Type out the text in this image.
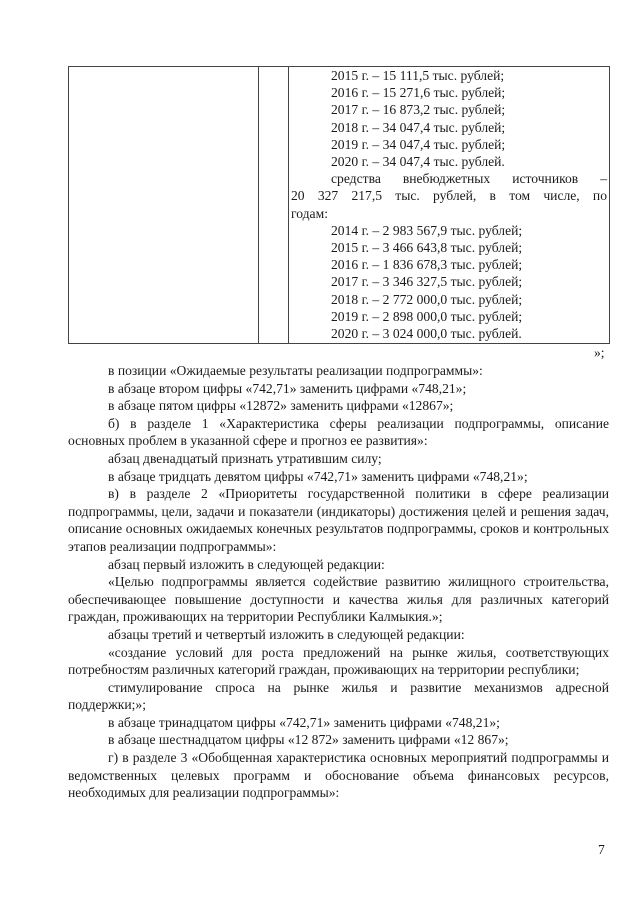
2015 г. – 15 111,5 тыс. рублей;
2016 г. – 15 271,6 тыс. рублей;
2017 г. – 16 873,2 тыс. рублей;
2018 г. – 34 047,4 тыс. рублей;
2019 г. – 34 047,4 тыс. рублей;
2020 г. – 34 047,4 тыс. рублей.
средства внебюджетных источников –
20 327 217,5 тыс. рублей, в том числе, по
годам:
2014 г. – 2 983 567,9 тыс. рублей;
2015 г. – 3 466 643,8 тыс. рублей;
2016 г. – 1 836 678,3 тыс. рублей;
2017 г. – 3 346 327,5 тыс. рублей;
2018 г. – 2 772 000,0 тыс. рублей;
2019 г. – 2 898 000,0 тыс. рублей;
2020 г. – 3 024 000,0 тыс. рублей.
»;

в позиции «Ожидаемые результаты реализации подпрограммы»:

в абзаце втором цифры «742,71» заменить цифрами «748,21»;

в абзаце пятом цифры «12872» заменить цифрами «12867»;

б) в разделе 1 «Характеристика сферы реализации подпрограммы, описание основных проблем в указанной сфере и прогноз ее развития»:

абзац двенадцатый признать утратившим силу;

в абзаце тридцать девятом цифры «742,71» заменить цифрами «748,21»;

в) в разделе 2 «Приоритеты государственной политики в сфере реализации подпрограммы, цели, задачи и показатели (индикаторы) достижения целей и решения задач, описание основных ожидаемых конечных результатов подпрограммы, сроков и контрольных этапов реализации подпрограммы»:

абзац первый изложить в следующей редакции:

«Целью подпрограммы является содействие развитию жилищного строительства, обеспечивающее повышение доступности и качества жилья для различных категорий граждан, проживающих на территории Республики Калмыкия.»;

абзацы третий и четвертый изложить в следующей редакции:

«создание условий для роста предложений на рынке жилья, соответствующих потребностям различных категорий граждан, проживающих на территории республики;

стимулирование спроса на рынке жилья и развитие механизмов адресной поддержки;»;

в абзаце тринадцатом цифры «742,71» заменить цифрами «748,21»;

в абзаце шестнадцатом цифры «12 872» заменить цифрами «12 867»;

г) в разделе 3 «Обобщенная характеристика основных мероприятий подпрограммы и ведомственных целевых программ и обоснование объема финансовых ресурсов, необходимых для реализации подпрограммы»:

7
